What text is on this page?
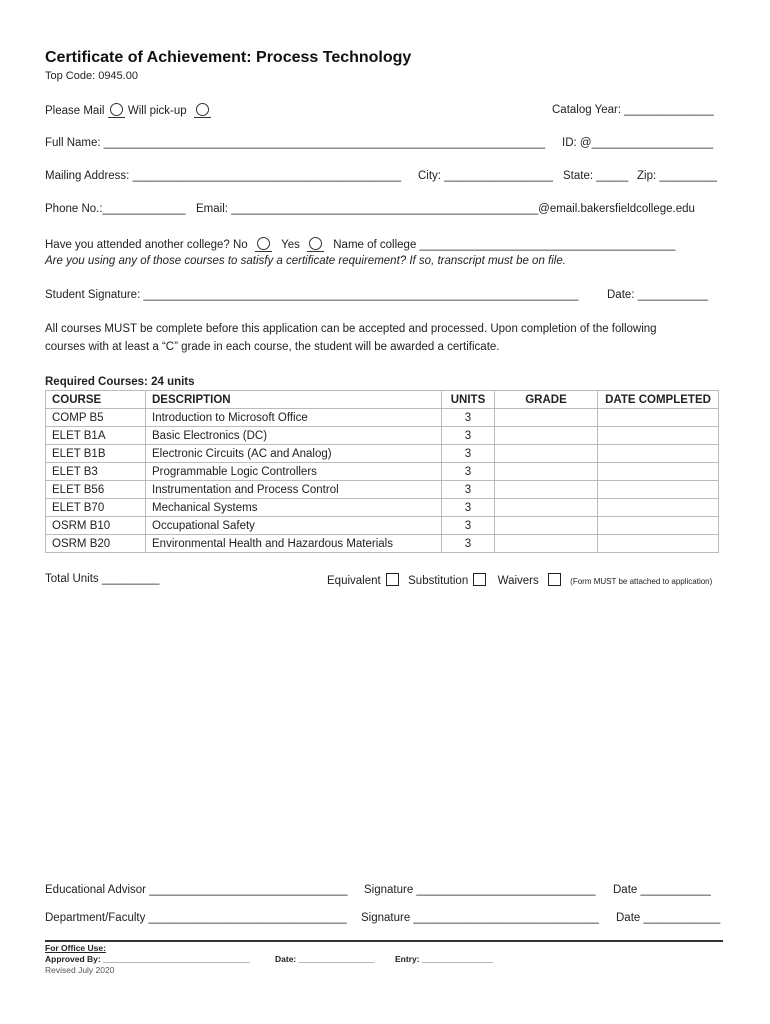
Certificate of Achievement: Process Technology
Top Code: 0945.00
Please Mail Will pick-up	Catalog Year: ______________
Full Name: _____________________________________________________________________ ID: @___________________
Mailing Address: __________________________________________ City: _________________ State: _____ Zip: _________
Phone No.:_____________ Email: ________________________________________________@email.bakersfieldcollege.edu
Have you attended another college? No	Yes	Name of college ________________________________________
Are you using any of those courses to satisfy a certificate requirement? If so, transcript must be on file.
Student Signature: ____________________________________________________________________ Date: ___________
All courses MUST be complete before this application can be accepted and processed. Upon completion of the following
courses with at least a “C” grade in each course, the student will be awarded a certificate.
Required Courses: 24 units
COURSE	DESCRIPTION	UNITS	GRADE	DATE COMPLETED
COMP B5	Introduction to Microsoft Office	3		
ELET B1A	Basic Electronics (DC)	3		
ELET B1B	Electronic Circuits (AC and Analog)	3		
ELET B3	Programmable Logic Controllers	3		
ELET B56	Instrumentation and Process Control	3		
ELET B70	Mechanical Systems	3		
OSRM B10	Occupational Safety	3		
OSRM B20	Environmental Health and Hazardous Materials	3		
Total Units _________	Equivalent Substitution	Waivers	(Form MUST be attached to application)
Educational Advisor _______________________________ Signature ____________________________ Date ___________
Department/Faculty _______________________________ Signature _____________________________ Date ____________
For Office Use:
Approved By: _______________________________	Date: ________________ Entry: _______________
Revised July 2020
